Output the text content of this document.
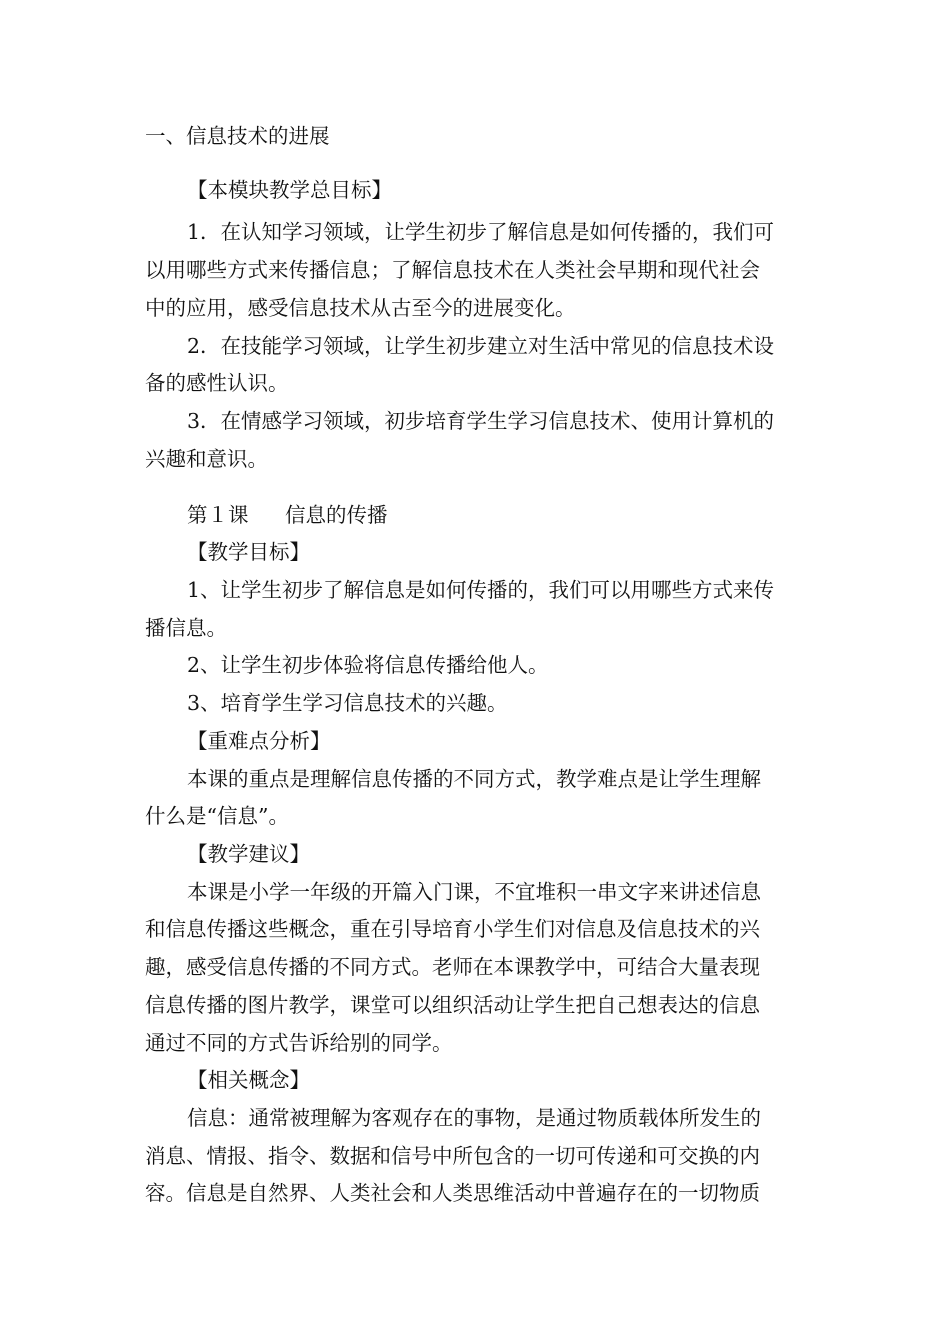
一、信息技术的进展

【本模块教学总目标】

1．在认知学习领域，让学生初步了解信息是如何传播的，我们可

以用哪些方式来传播信息；了解信息技术在人类社会早期和现代社会

中的应用，感受信息技术从古至今的进展变化。

2．在技能学习领域，让学生初步建立对生活中常见的信息技术设

备的感性认识。

3．在情感学习领域，初步培育学生学习信息技术、使用计算机的

兴趣和意识。

第１课 信息的传播

【教学目标】

1、让学生初步了解信息是如何传播的，我们可以用哪些方式来传

播信息。

2、让学生初步体验将信息传播给他人。

3、培育学生学习信息技术的兴趣。

【重难点分析】

本课的重点是理解信息传播的不同方式，教学难点是让学生理解

什么是“信息”。

【教学建议】

本课是小学一年级的开篇入门课，不宜堆积一串文字来讲述信息

和信息传播这些概念，重在引导培育小学生们对信息及信息技术的兴

趣，感受信息传播的不同方式。老师在本课教学中，可结合大量表现

信息传播的图片教学，课堂可以组织活动让学生把自己想表达的信息

通过不同的方式告诉给别的同学。

【相关概念】

信息：通常被理解为客观存在的事物，是通过物质载体所发生的

消息、情报、指令、数据和信号中所包含的一切可传递和可交换的内

容。信息是自然界、人类社会和人类思维活动中普遍存在的一切物质
